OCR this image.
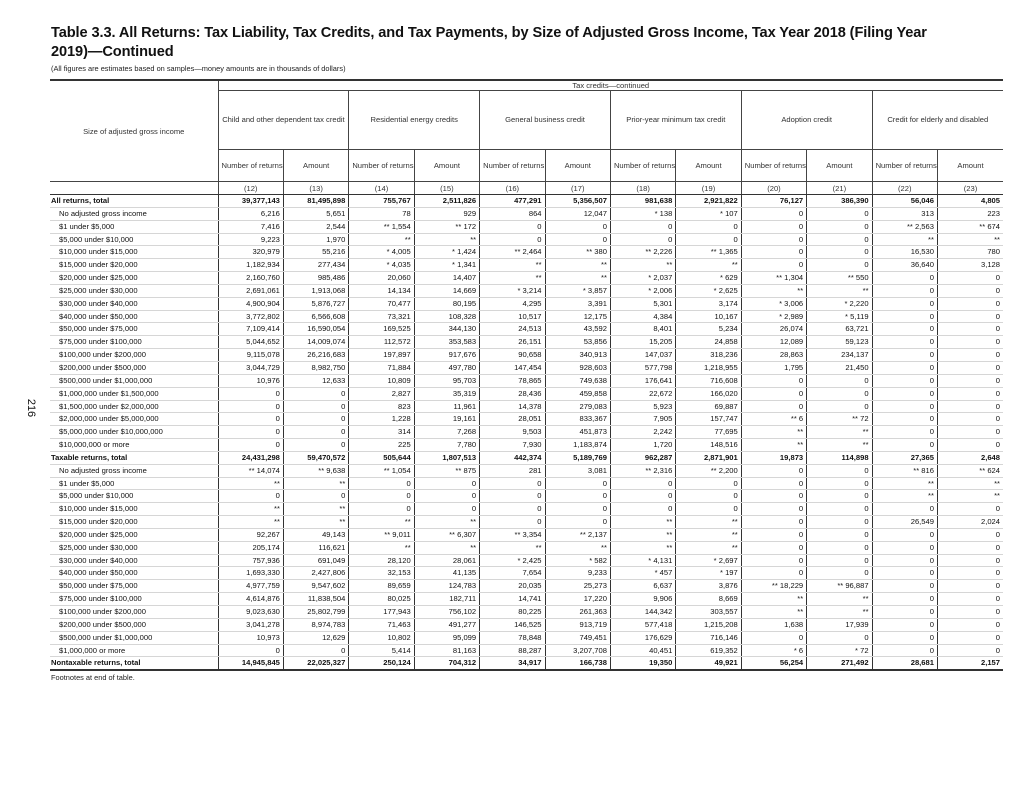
Table 3.3. All Returns: Tax Liability, Tax Credits, and Tax Payments, by Size of Adjusted Gross Income, Tax Year 2018 (Filing Year 2019)—Continued
(All figures are estimates based on samples—money amounts are in thousands of dollars)
216
Size of adjusted gross income	Tax credits—continued											
	Child and other dependent tax credit		Residential energy credits		General business credit		Prior-year minimum tax credit		Adoption credit		Credit for elderly and disabled	
	Number of returns	Amount	Number of returns	Amount	Number of returns	Amount	Number of returns	Amount	Number of returns	Amount	Number of returns	Amount
	(12)	(13)	(14)	(15)	(16)	(17)	(18)	(19)	(20)	(21)	(22)	(23)
All returns, total	39,377,143	81,495,898	755,767	2,511,826	477,291	5,356,507	981,638	2,921,822	76,127	386,390	56,046	4,805
No adjusted gross income	6,216	5,651	78	929	864	12,047	* 138	* 107	0	0	313	223
$1 under $5,000	7,416	2,544	** 1,554	** 172	0	0	0	0	0	0	** 2,563	** 674
$5,000 under $10,000	9,223	1,970	**	**	0	0	0	0	0	0	**	**
$10,000 under $15,000	320,979	55,216	* 4,005	* 1,424	** 2,464	** 380	** 2,226	** 1,365	0	0	16,530	780
$15,000 under $20,000	1,182,934	277,434	* 4,035	* 1,341	**	**	**	**	0	0	36,640	3,128
$20,000 under $25,000	2,160,760	985,486	20,060	14,407	**	**	* 2,037	* 629	** 1,304	** 550	0	0
$25,000 under $30,000	2,691,061	1,913,068	14,134	14,669	* 3,214	* 3,857	* 2,006	* 2,625	**	**	0	0
$30,000 under $40,000	4,900,904	5,876,727	70,477	80,195	4,295	3,391	5,301	3,174	* 3,006	* 2,220	0	0
$40,000 under $50,000	3,772,802	6,566,608	73,321	108,328	10,517	12,175	4,384	10,167	* 2,989	* 5,119	0	0
$50,000 under $75,000	7,109,414	16,590,054	169,525	344,130	24,513	43,592	8,401	5,234	26,074	63,721	0	0
$75,000 under $100,000	5,044,652	14,009,074	112,572	353,583	26,151	53,856	15,205	24,858	12,089	59,123	0	0
$100,000 under $200,000	9,115,078	26,216,683	197,897	917,676	90,658	340,913	147,037	318,236	28,863	234,137	0	0
$200,000 under $500,000	3,044,729	8,982,750	71,884	497,780	147,454	928,603	577,798	1,218,955	1,795	21,450	0	0
$500,000 under $1,000,000	10,976	12,633	10,809	95,703	78,865	749,638	176,641	716,608	0	0	0	0
$1,000,000 under $1,500,000	0	0	2,827	35,319	28,436	459,858	22,672	166,020	0	0	0	0
$1,500,000 under $2,000,000	0	0	823	11,961	14,378	279,083	5,923	69,887	0	0	0	0
$2,000,000 under $5,000,000	0	0	1,228	19,161	28,051	833,367	7,905	157,747	** 6	** 72	0	0
$5,000,000 under $10,000,000	0	0	314	7,268	9,503	451,873	2,242	77,695	**	**	0	0
$10,000,000 or more	0	0	225	7,780	7,930	1,183,874	1,720	148,516	**	**	0	0
Taxable returns, total	24,431,298	59,470,572	505,644	1,807,513	442,374	5,189,769	962,287	2,871,901	19,873	114,898	27,365	2,648
No adjusted gross income	** 14,074	** 9,638	** 1,054	** 875	281	3,081	** 2,316	** 2,200	0	0	** 816	** 624
$1 under $5,000	**	**	0	0	0	0	0	0	0	0	**	**
$5,000 under $10,000	0	0	0	0	0	0	0	0	0	0	**	**
$10,000 under $15,000	**	**	0	0	0	0	0	0	0	0	0	0
$15,000 under $20,000	**	**	**	**	0	0	**	**	0	0	26,549	2,024
$20,000 under $25,000	92,267	49,143	** 9,011	** 6,307	** 3,354	** 2,137	**	**	0	0	0	0
$25,000 under $30,000	205,174	116,621	**	**	**	**	**	**	0	0	0	0
$30,000 under $40,000	757,936	691,049	28,120	28,061	* 2,425	* 582	* 4,131	* 2,697	0	0	0	0
$40,000 under $50,000	1,693,330	2,427,806	32,153	41,135	7,654	9,233	* 457	* 197	0	0	0	0
$50,000 under $75,000	4,977,759	9,547,602	89,659	124,783	20,035	25,273	6,637	3,876	** 18,229	** 96,887	0	0
$75,000 under $100,000	4,614,876	11,838,504	80,025	182,711	14,741	17,220	9,906	8,669	**	**	0	0
$100,000 under $200,000	9,023,630	25,802,799	177,943	756,102	80,225	261,363	144,342	303,557	**	**	0	0
$200,000 under $500,000	3,041,278	8,974,783	71,463	491,277	146,525	913,719	577,418	1,215,208	1,638	17,939	0	0
$500,000 under $1,000,000	10,973	12,629	10,802	95,099	78,848	749,451	176,629	716,146	0	0	0	0
$1,000,000 or more	0	0	5,414	81,163	88,287	3,207,708	40,451	619,352	* 6	* 72	0	0
Nontaxable returns, total	14,945,845	22,025,327	250,124	704,312	34,917	166,738	19,350	49,921	56,254	271,492	28,681	2,157
Footnotes at end of table.
